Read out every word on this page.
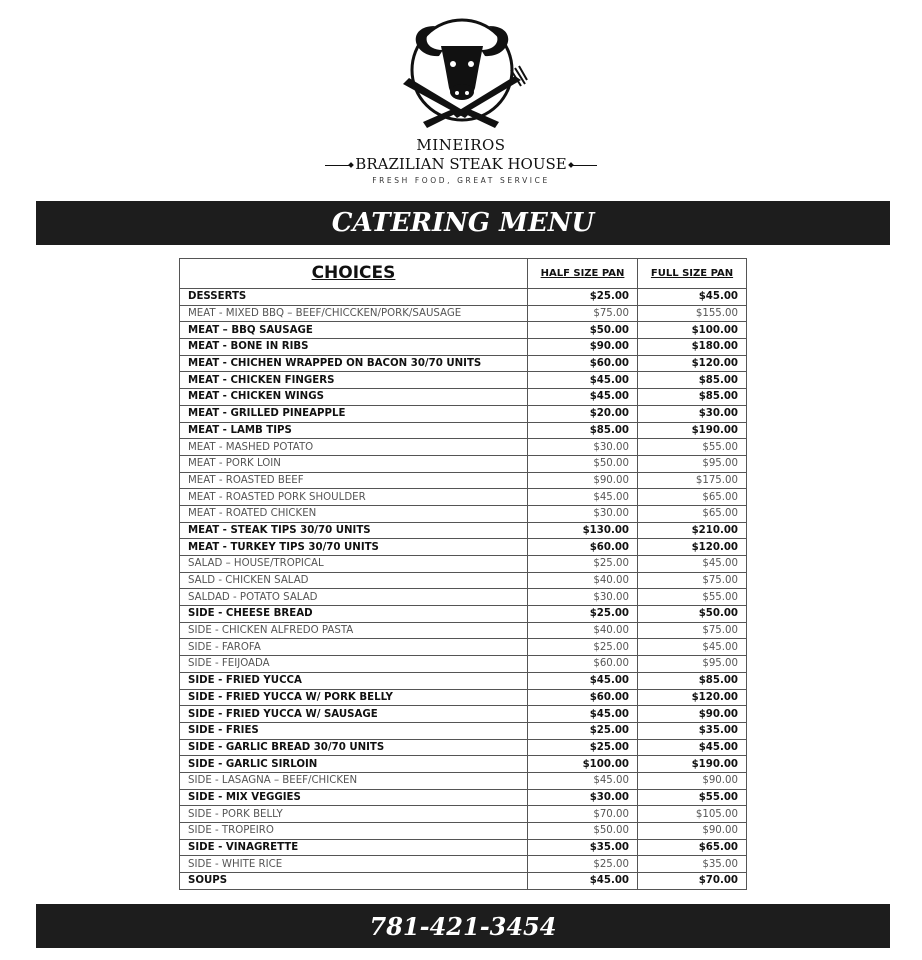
MINEIROS
BRAZILIAN STEAK HOUSE
FRESH FOOD, GREAT SERVICE
CATERING MENU
CHOICES	HALF SIZE PAN	FULL SIZE PAN
DESSERTS	$25.00	$45.00
MEAT - MIXED BBQ – BEEF/CHICCKEN/PORK/SAUSAGE	$75.00	$155.00
MEAT – BBQ SAUSAGE	$50.00	$100.00
MEAT - BONE IN RIBS	$90.00	$180.00
MEAT - CHICHEN WRAPPED ON BACON 30/70 UNITS	$60.00	$120.00
MEAT - CHICKEN FINGERS	$45.00	$85.00
MEAT - CHICKEN WINGS	$45.00	$85.00
MEAT - GRILLED PINEAPPLE	$20.00	$30.00
MEAT - LAMB TIPS	$85.00	$190.00
MEAT - MASHED POTATO	$30.00	$55.00
MEAT - PORK LOIN	$50.00	$95.00
MEAT - ROASTED BEEF	$90.00	$175.00
MEAT - ROASTED PORK SHOULDER	$45.00	$65.00
MEAT - ROATED CHICKEN	$30.00	$65.00
MEAT - STEAK TIPS 30/70 UNITS	$130.00	$210.00
MEAT - TURKEY TIPS 30/70 UNITS	$60.00	$120.00
SALAD – HOUSE/TROPICAL	$25.00	$45.00
SALD - CHICKEN SALAD	$40.00	$75.00
SALDAD - POTATO SALAD	$30.00	$55.00
SIDE - CHEESE BREAD	$25.00	$50.00
SIDE - CHICKEN ALFREDO PASTA	$40.00	$75.00
SIDE - FAROFA	$25.00	$45.00
SIDE - FEIJOADA	$60.00	$95.00
SIDE - FRIED YUCCA	$45.00	$85.00
SIDE - FRIED YUCCA W/ PORK BELLY	$60.00	$120.00
SIDE - FRIED YUCCA W/ SAUSAGE	$45.00	$90.00
SIDE - FRIES	$25.00	$35.00
SIDE - GARLIC BREAD 30/70 UNITS	$25.00	$45.00
SIDE - GARLIC SIRLOIN	$100.00	$190.00
SIDE - LASAGNA – BEEF/CHICKEN	$45.00	$90.00
SIDE - MIX VEGGIES	$30.00	$55.00
SIDE - PORK BELLY	$70.00	$105.00
SIDE - TROPEIRO	$50.00	$90.00
SIDE - VINAGRETTE	$35.00	$65.00
SIDE - WHITE RICE	$25.00	$35.00
SOUPS	$45.00	$70.00
781-421-3454
